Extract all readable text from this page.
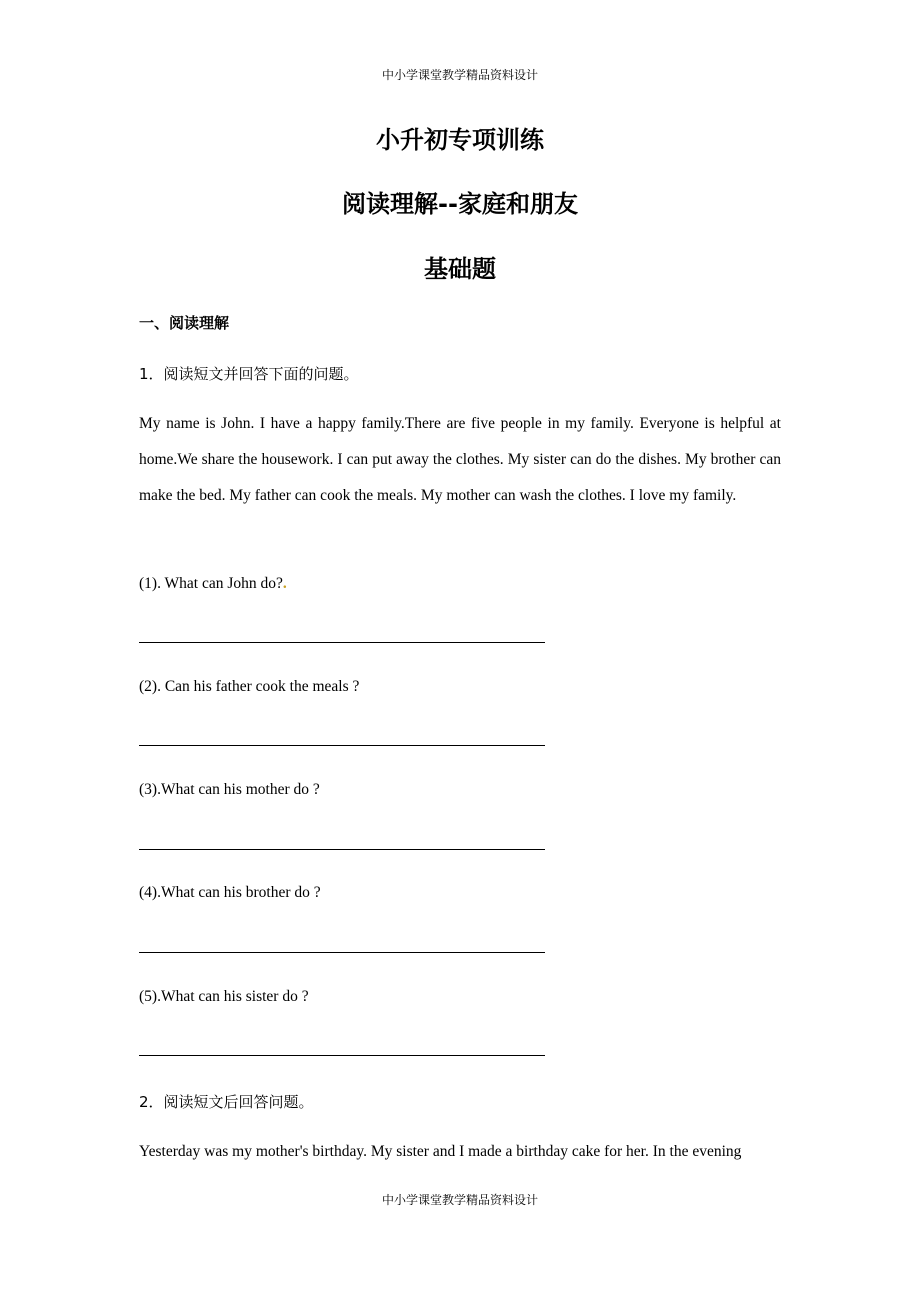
中小学课堂教学精品资料设计
小升初专项训练
阅读理解--家庭和朋友
基础题
一、阅读理解
1．阅读短文并回答下面的问题。
My name is John. I have a happy family.There are five people in my family. Everyone is helpful at home.We share the housework. I can put away the clothes. My sister can do the dishes. My brother can make the bed. My father can cook the meals. My mother can wash the clothes. I love my family.
(1). What can John do?.
(2). Can his father cook the meals ?
(3).What can his mother do ?
(4).What can his brother do ?
(5).What can his sister do ?
2．阅读短文后回答问题。
Yesterday was my mother's birthday. My sister and I made a birthday cake for her. In the evening
中小学课堂教学精品资料设计
